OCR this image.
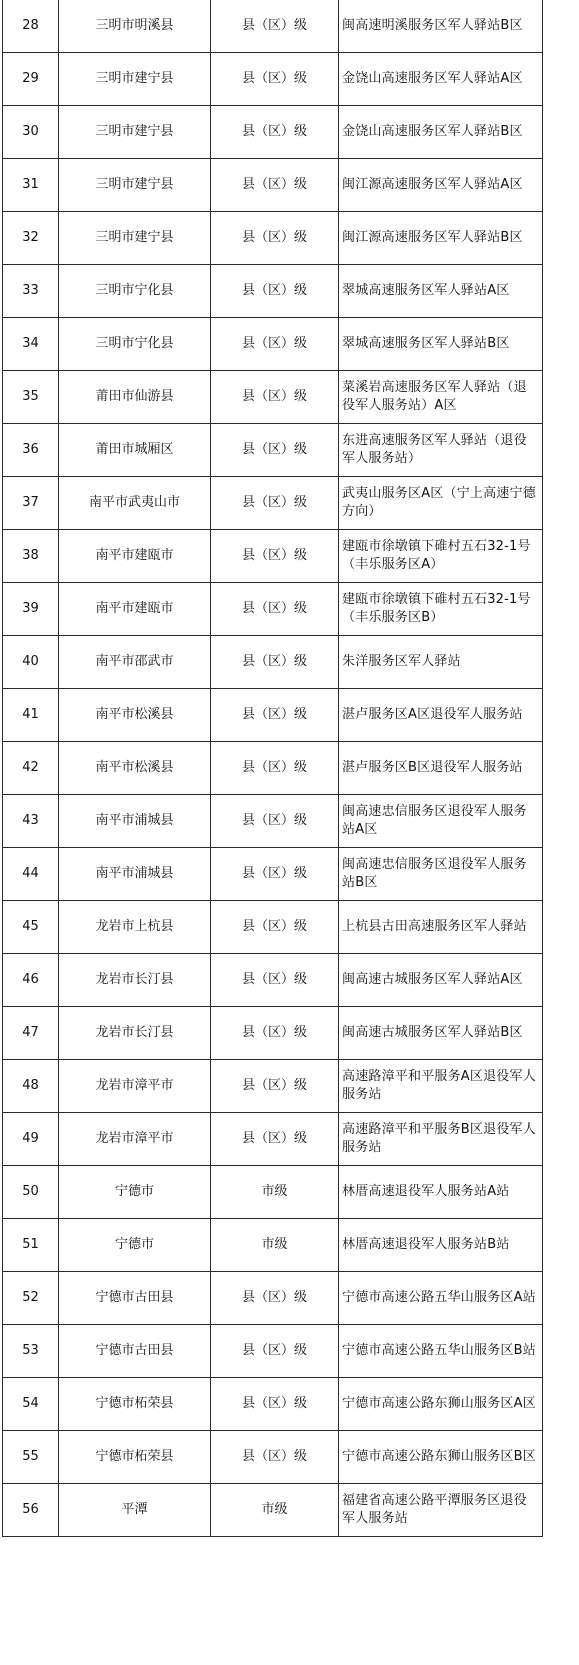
28	三明市明溪县	县（区）级	闽高速明溪服务区军人驿站B区
29	三明市建宁县	县（区）级	金饶山高速服务区军人驿站A区
30	三明市建宁县	县（区）级	金饶山高速服务区军人驿站B区
31	三明市建宁县	县（区）级	闽江源高速服务区军人驿站A区
32	三明市建宁县	县（区）级	闽江源高速服务区军人驿站B区
33	三明市宁化县	县（区）级	翠城高速服务区军人驿站A区
34	三明市宁化县	县（区）级	翠城高速服务区军人驿站B区
35	莆田市仙游县	县（区）级	菜溪岩高速服务区军人驿站（退役军人服务站）A区
36	莆田市城厢区	县（区）级	东进高速服务区军人驿站（退役军人服务站）
37	南平市武夷山市	县（区）级	武夷山服务区A区（宁上高速宁德方向）
38	南平市建瓯市	县（区）级	建瓯市徐墩镇下碓村五石32-1号（丰乐服务区A）
39	南平市建瓯市	县（区）级	建瓯市徐墩镇下碓村五石32-1号（丰乐服务区B）
40	南平市邵武市	县（区）级	朱洋服务区军人驿站
41	南平市松溪县	县（区）级	湛卢服务区A区退役军人服务站
42	南平市松溪县	县（区）级	湛卢服务区B区退役军人服务站
43	南平市浦城县	县（区）级	闽高速忠信服务区退役军人服务站A区
44	南平市浦城县	县（区）级	闽高速忠信服务区退役军人服务站B区
45	龙岩市上杭县	县（区）级	上杭县古田高速服务区军人驿站
46	龙岩市长汀县	县（区）级	闽高速古城服务区军人驿站A区
47	龙岩市长汀县	县（区）级	闽高速古城服务区军人驿站B区
48	龙岩市漳平市	县（区）级	高速路漳平和平服务A区退役军人服务站
49	龙岩市漳平市	县（区）级	高速路漳平和平服务B区退役军人服务站
50	宁德市	市级	林厝高速退役军人服务站A站
51	宁德市	市级	林厝高速退役军人服务站B站
52	宁德市古田县	县（区）级	宁德市高速公路五华山服务区A站
53	宁德市古田县	县（区）级	宁德市高速公路五华山服务区B站
54	宁德市柘荣县	县（区）级	宁德市高速公路东狮山服务区A区
55	宁德市柘荣县	县（区）级	宁德市高速公路东狮山服务区B区
56	平潭	市级	福建省高速公路平潭服务区退役军人服务站
